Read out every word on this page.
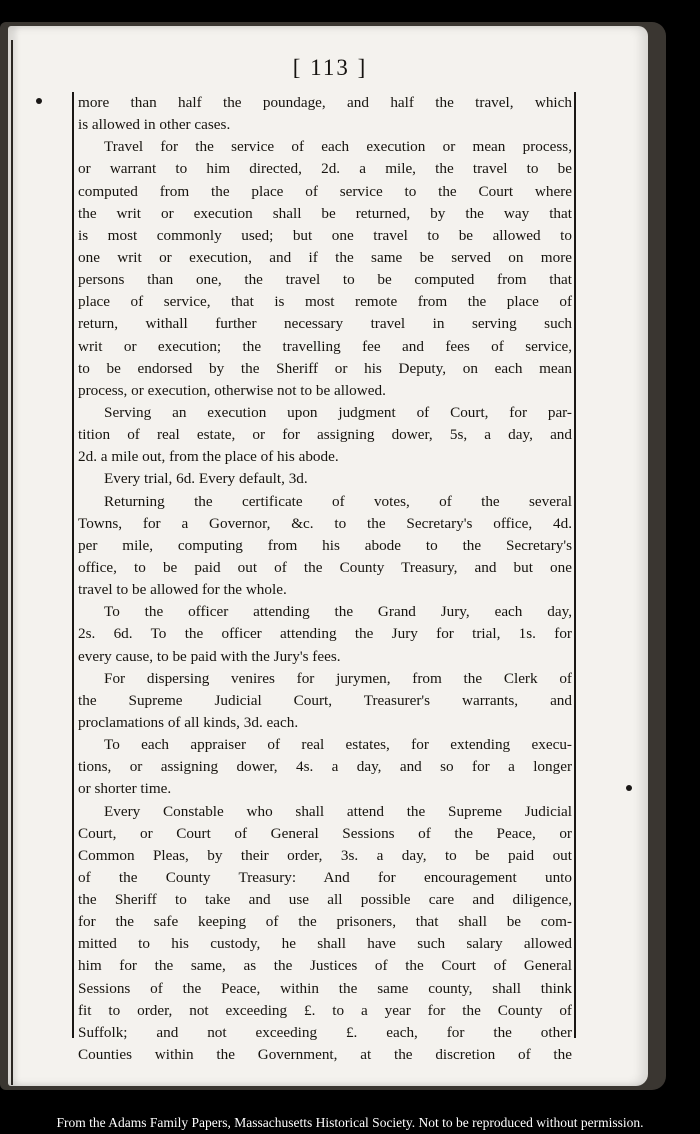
[ 113 ]
more than half the poundage, and half the travel, which
is allowed in other cases.
Travel for the service of each execution or mean process,
or warrant to him directed, 2d. a mile, the travel to be
computed from the place of service to the Court where
the writ or execution shall be returned, by the way that
is most commonly used; but one travel to be allowed to
one writ or execution, and if the same be served on more
persons than one, the travel to be computed from that
place of service, that is most remote from the place of
return, withall further necessary travel in serving such
writ or execution; the travelling fee and fees of service,
to be endorsed by the Sheriff or his Deputy, on each mean
process, or execution, otherwise not to be allowed.
Serving an execution upon judgment of Court, for par-
tition of real estate, or for assigning dower, 5s, a day, and
2d. a mile out, from the place of his abode.
Every trial, 6d. Every default, 3d.
Returning the certificate of votes, of the several
Towns, for a Governor, &c. to the Secretary's office, 4d.
per mile, computing from his abode to the Secretary's
office, to be paid out of the County Treasury, and but one
travel to be allowed for the whole.
To the officer attending the Grand Jury, each day,
2s. 6d. To the officer attending the Jury for trial, 1s. for
every cause, to be paid with the Jury's fees.
For dispersing venires for jurymen, from the Clerk of
the Supreme Judicial Court, Treasurer's warrants, and
proclamations of all kinds, 3d. each.
To each appraiser of real estates, for extending execu-
tions, or assigning dower, 4s. a day, and so for a longer
or shorter time.
Every Constable who shall attend the Supreme Judicial
Court, or Court of General Sessions of the Peace, or
Common Pleas, by their order, 3s. a day, to be paid out
of the County Treasury: And for encouragement unto
the Sheriff to take and use all possible care and diligence,
for the safe keeping of the prisoners, that shall be com-
mitted to his custody, he shall have such salary allowed
him for the same, as the Justices of the Court of General
Sessions of the Peace, within the same county, shall think
fit to order, not exceeding £. to a year for the County of
Suffolk; and not exceeding £. each, for the other
Counties within the Government, at the discretion of the
From the Adams Family Papers, Massachusetts Historical Society. Not to be reproduced without permission.
